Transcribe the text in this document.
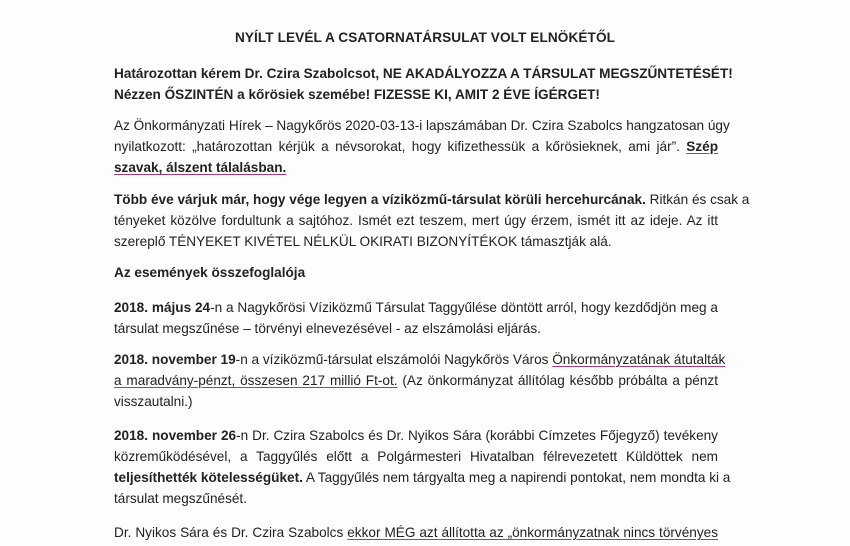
NYÍLT LEVÉL A CSATORNATÁRSULAT VOLT ELNÖKÉTŐL
Határozottan kérem Dr. Czira Szabolcsot, NE AKADÁLYOZZA A TÁRSULAT MEGSZŰNTETÉSÉT!
Nézzen ŐSZINTÉN a kőrösiek szemébe! FIZESSE KI, AMIT 2 ÉVE ÍGÉRGET!
Az Önkormányzati Hírek – Nagykőrös 2020-03-13-i lapszámában Dr. Czira Szabolcs hangzatosan úgy
nyilatkozott: „határozottan kérjük a névsorokat, hogy kifizethessük a kőrösieknek, ami jár”. Szép
szavak, álszent tálalásban.
Több éve várjuk már, hogy vége legyen a víziközmű-társulat körüli hercehurcának. Ritkán és csak a
tényeket közölve fordultunk a sajtóhoz. Ismét ezt teszem, mert úgy érzem, ismét itt az ideje. Az itt
szereplő TÉNYEKET KIVÉTEL NÉLKÜL OKIRATI BIZONYÍTÉKOK támasztják alá.
Az események összefoglalója
2018. május 24-n a Nagykőrösi Víziközmű Társulat Taggyűlése döntött arról, hogy kezdődjön meg a
társulat megszűnése – törvényi elnevezésével - az elszámolási eljárás.
2018. november 19-n a víziközmű-társulat elszámolói Nagykőrös Város Önkormányzatának átutalták
a maradvány-pénzt, összesen 217 millió Ft-ot. (Az önkormányzat állítólag később próbálta a pénzt
visszautalni.)
2018. november 26-n Dr. Czira Szabolcs és Dr. Nyikos Sára (korábbi Címzetes Főjegyző) tevékeny
közreműködésével, a Taggyűlés előtt a Polgármesteri Hivatalban félrevezetett Küldöttek nem
teljesíthették kötelességüket. A Taggyűlés nem tárgyalta meg a napirendi pontokat, nem mondta ki a
társulat megszűnését.
Dr. Nyikos Sára és Dr. Czira Szabolcs ekkor MÉG azt állította az „önkormányzatnak nincs törvényes
